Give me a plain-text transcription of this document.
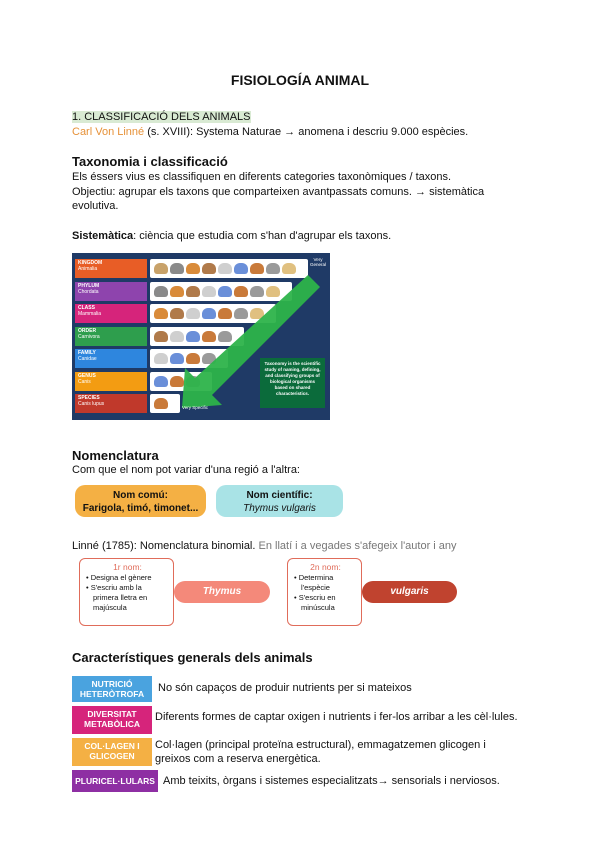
FISIOLOGÍA ANIMAL
1. CLASSIFICACIÓ DELS ANIMALS
Carl Von Linné (s. XVIII): Systema Naturae → anomena i descriu 9.000 espècies.
Taxonomia i classificació
Els éssers vius es classifiquen en diferents categories taxonòmiques / taxons.
Objectiu: agrupar els taxons que comparteixen avantpassats comuns. → sistemàtica evolutiva.
Sistemàtica: ciència que estudia com s'han d'agrupar els taxons.
KINGDOM
Animalia
PHYLUM
Chordata
CLASS
Mammalia
ORDER
Carnivora
FAMILY
Canidae
GENUS
Canis
SPECIES
Canis lupus
Very General
Very Specific
Taxonomy is the scientific study of naming, defining, and classifying groups of biological organisms based on shared characteristics.
Nomenclatura
Com que el nom pot variar d'una regió a l'altra:
Nom comú:
Farigola, timó, timonet...
Nom científic:
Thymus vulgaris
Linné (1785): Nomenclatura binomial. En llatí i a vegades s'afegeix l'autor i any
1r nom:
• Designa el gènere
• S'escriu amb la primera lletra en majúscula
Thymus
2n nom:
• Determina l'espècie
• S'escriu en minúscula
vulgaris
Característiques generals dels animals
NUTRICIÓ HETERÒTROFA	No són capaços de produir nutrients per si mateixos
DIVERSITAT METABÒLICA
Diferents formes de captar oxigen i nutrients i fer-los arribar a les cèl·lules.
COL·LAGEN I GLICOGEN
Col·lagen (principal proteïna estructural), emmagatzemen glicogen i greixos com a reserva energètica.
PLURICEL·LULARS Amb teixits, òrgans i sistemes especialitzats→ sensorials i nerviosos.
